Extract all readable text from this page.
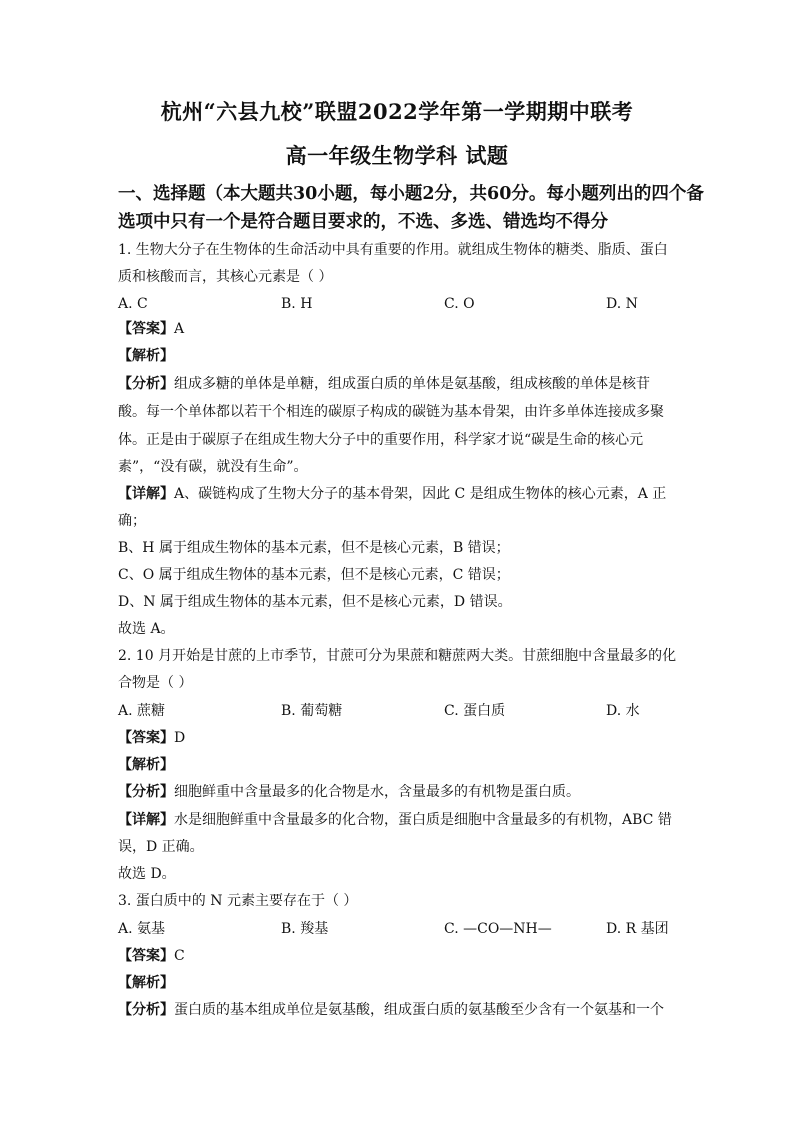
杭州“六县九校”联盟2022学年第一学期期中联考
高一年级生物学科 试题
一、选择题（本大题共30小题，每小题2分，共60分。每小题列出的四个备
选项中只有一个是符合题目要求的，不选、多选、错选均不得分
1. 生物大分子在生物体的生命活动中具有重要的作用。就组成生物体的糖类、脂质、蛋白
质和核酸而言，其核心元素是（ ）
A. C	B. H	C. O	D. N
【答案】A
【解析】
【分析】组成多糖的单体是单糖，组成蛋白质的单体是氨基酸，组成核酸的单体是核苷
酸。每一个单体都以若干个相连的碳原子构成的碳链为基本骨架，由许多单体连接成多聚
体。正是由于碳原子在组成生物大分子中的重要作用，科学家才说“碳是生命的核心元
素”，“没有碳，就没有生命”。
【详解】A、碳链构成了生物大分子的基本骨架，因此 C 是组成生物体的核心元素，A 正
确；
B、H 属于组成生物体的基本元素，但不是核心元素，B 错误；
C、O 属于组成生物体的基本元素，但不是核心元素，C 错误；
D、N 属于组成生物体的基本元素，但不是核心元素，D 错误。
故选 A。
2. 10 月开始是甘蔗的上市季节，甘蔗可分为果蔗和糖蔗两大类。甘蔗细胞中含量最多的化
合物是（ ）
A. 蔗糖	B. 葡萄糖	C. 蛋白质	D. 水
【答案】D
【解析】
【分析】细胞鲜重中含量最多的化合物是水，含量最多的有机物是蛋白质。
【详解】水是细胞鲜重中含量最多的化合物，蛋白质是细胞中含量最多的有机物，ABC 错
误，D 正确。
故选 D。
3. 蛋白质中的 N 元素主要存在于（ ）
A. 氨基	B. 羧基	C. —CO—NH—	D. R 基团
【答案】C
【解析】
【分析】蛋白质的基本组成单位是氨基酸，组成蛋白质的氨基酸至少含有一个氨基和一个
